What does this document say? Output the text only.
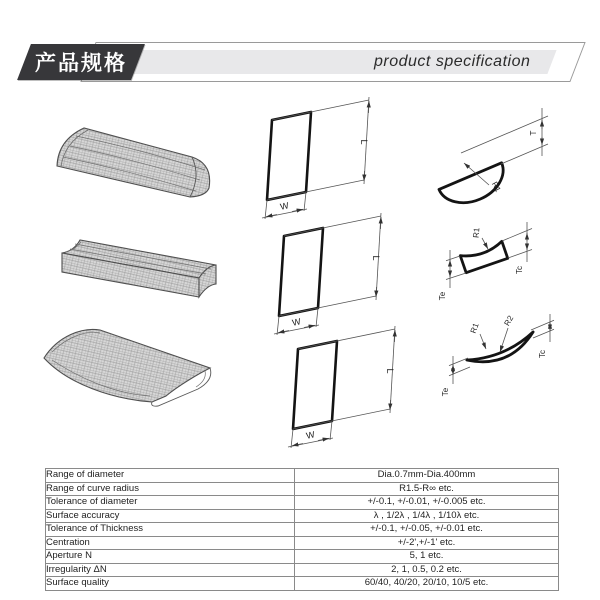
product specification
产品规格
L
W
L
W
L
W
T
R1
R1
Tc
Te
R1
R2
Te
Tc
Range of diameter	Dia.0.7mm-Dia.400mm
Range of curve radius	R1.5-R∞ etc.
Tolerance of diameter	+/-0.1, +/-0.01, +/-0.005 etc.
Surface accuracy	λ , 1/2λ , 1/4λ , 1/10λ etc.
Tolerance of Thickness	+/-0.1, +/-0.05, +/-0.01 etc.
Centration	+/-2',+/-1' etc.
Aperture N	5, 1 etc.
Irregularity ΔN	2, 1, 0.5, 0.2 etc.
Surface quality	60/40, 40/20, 20/10, 10/5 etc.
